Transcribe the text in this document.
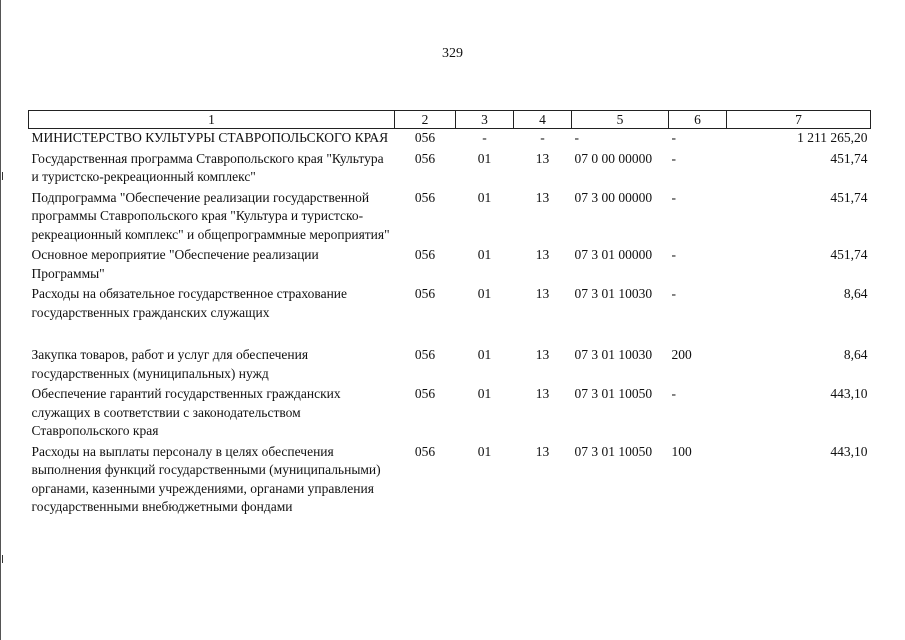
329
1	2	3	4	5	6	7
МИНИСТЕРСТВО КУЛЬТУРЫ СТАВРОПОЛЬСКОГО КРАЯ	056	-	-	-	-	1 211 265,20
Государственная программа Ставропольского края "Культура и туристско-рекреационный комплекс"	056	01	13	07 0 00 00000	-	451,74
Подпрограмма "Обеспечение реализации государственной программы Ставропольского края "Культура и туристско-рекреационный комплекс" и общепрограммные мероприятия"	056	01	13	07 3 00 00000	-	451,74
Основное мероприятие "Обеспечение реализации Программы"	056	01	13	07 3 01 00000	-	451,74
Расходы на обязательное государственное страхование государственных гражданских служащих	056	01	13	07 3 01 10030	-	8,64

Закупка товаров, работ и услуг для обеспечения государственных (муниципальных) нужд	056	01	13	07 3 01 10030	200	8,64
Обеспечение гарантий государственных гражданских служащих в соответствии с законодательством Ставропольского края	056	01	13	07 3 01 10050	-	443,10
Расходы на выплаты персоналу в целях обеспечения выполнения функций государственными (муниципальными) органами, казенными учреждениями, органами управления государственными внебюджетными фондами	056	01	13	07 3 01 10050	100	443,10
